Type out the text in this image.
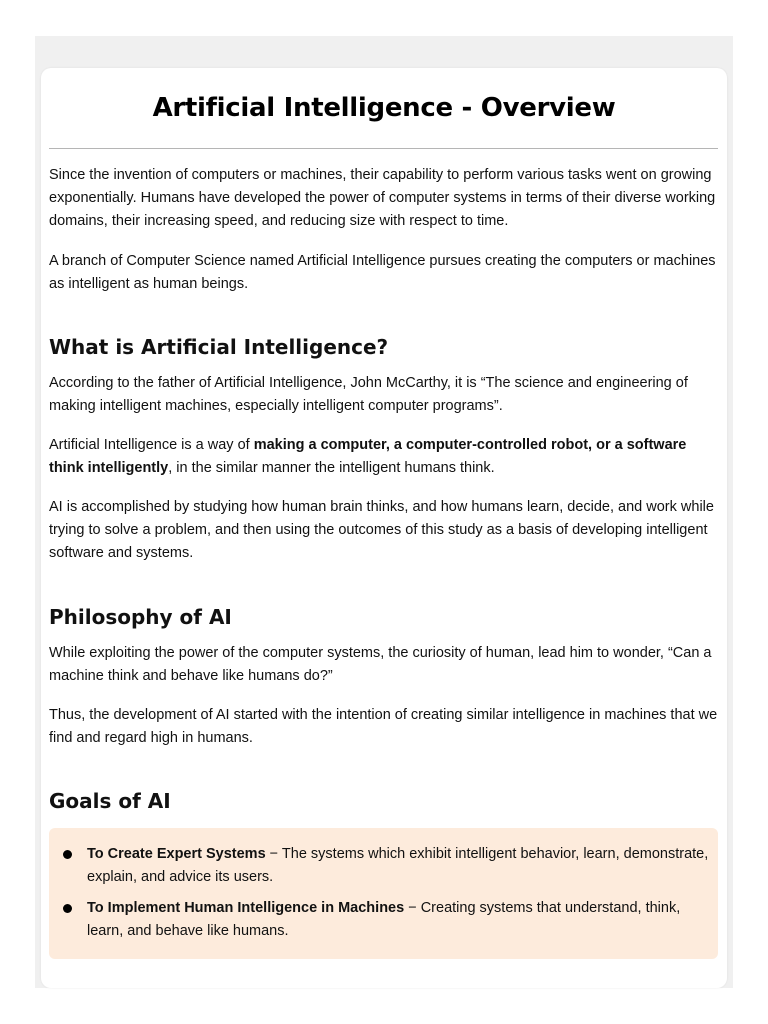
Artificial Intelligence - Overview

Since the invention of computers or machines, their capability to perform various tasks went on growing exponentially. Humans have developed the power of computer systems in terms of their diverse working domains, their increasing speed, and reducing size with respect to time.

A branch of Computer Science named Artificial Intelligence pursues creating the computers or machines as intelligent as human beings.

What is Artificial Intelligence?

According to the father of Artificial Intelligence, John McCarthy, it is “The science and engineering of making intelligent machines, especially intelligent computer programs”.

Artificial Intelligence is a way of making a computer, a computer-controlled robot, or a software think intelligently, in the similar manner the intelligent humans think.

AI is accomplished by studying how human brain thinks, and how humans learn, decide, and work while trying to solve a problem, and then using the outcomes of this study as a basis of developing intelligent software and systems.

Philosophy of AI

While exploiting the power of the computer systems, the curiosity of human, lead him to wonder, “Can a machine think and behave like humans do?”

Thus, the development of AI started with the intention of creating similar intelligence in machines that we find and regard high in humans.

Goals of AI
To Create Expert Systems − The systems which exhibit intelligent behavior, learn, demonstrate, explain, and advice its users.
To Implement Human Intelligence in Machines − Creating systems that understand, think, learn, and behave like humans.
